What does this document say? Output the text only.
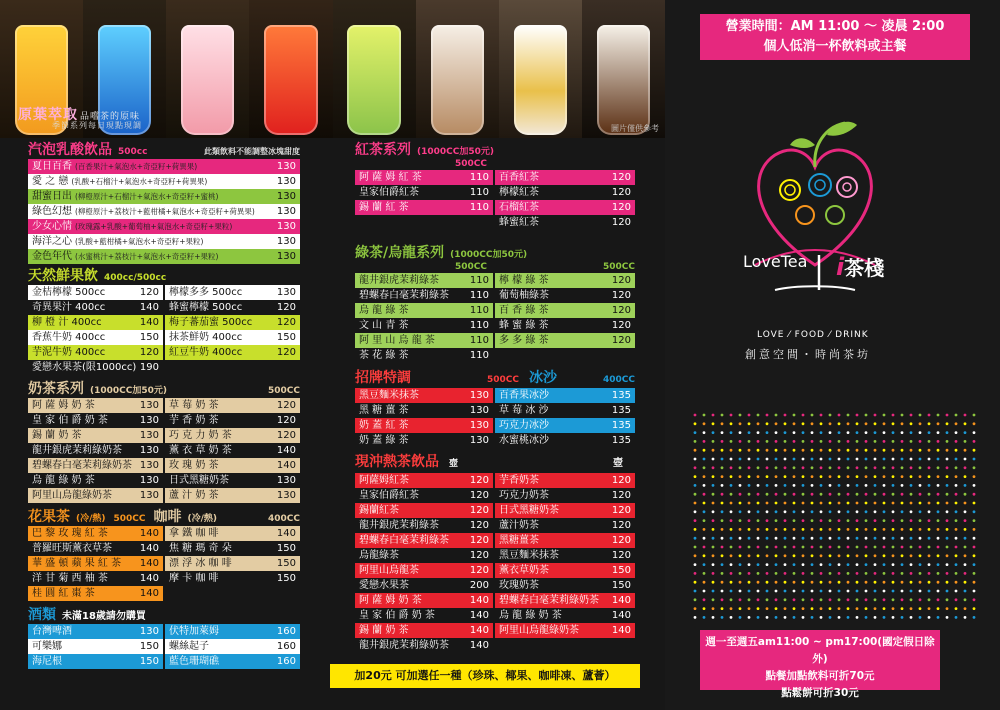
原葉萃取 品嚐茶的原味
季節系列每日現點現調	圖片僅供參考
汽泡乳酸飲品 500cc	此類飲料不能調整冰塊甜度
夏日百香 (百香果汁+氣泡水+奇亞籽+荷異果)	130
愛 之 戀 (乳酸+石榴汁+氣泡水+奇亞籽+荷異果)	130
甜蜜日出 (柳橙原汁+石榴汁+氣泡水+奇亞籽+蜜桃)	130
綠色幻想 (柳橙原汁+荔枝汁+藍柑橘+氣泡水+奇亞籽+荷異果) 130
少女心情 (玫瑰露+乳酸+葡萄柚+氣泡水+奇亞籽+果粒)	130
海洋之心 (乳酸+藍柑橘+氣泡水+奇亞籽+果粒)	130
金色年代 (水蜜桃汁+荔枝汁+氣泡水+奇亞籽+果粒)	130
天然鮮果飲 400cc/500cc
金桔檸檬 500cc	120 檸檬多多 500cc	130
奇異果汁 400cc	140 蜂蜜檸檬 500cc	120
柳 橙 汁 400cc	140 梅子蕃茄蜜 500cc 120
香蕉牛奶 400cc	150 抹茶鮮奶 400cc	150
芋泥牛奶 400cc	120 紅豆牛奶 400cc	120
愛戀水果茶(限1000cc) 190
奶茶系列 (1000CC加50元)	500CC
阿 薩 姆 奶 茶	130 草 莓 奶 茶	120
皇 家 伯 爵 奶 茶	130 芋 香 奶 茶	120
錫 蘭 奶 茶	130 巧 克 力 奶 茶	120
龍井銀虎茉莉綠奶茶 130 薰 衣 草 奶 茶	140
碧螺春白毫茉莉綠奶茶 130 玫 瑰 奶 茶	140
烏 龍 綠 奶 茶	130 日式黑糖奶茶	130
阿里山烏龍綠奶茶	130 蘆 汁 奶 茶	130
花果茶 (冷/熱) 500CC 咖啡 (冷/熱)	400CC
巴 黎 玫 瑰 紅 茶	140 拿 鐵 咖 啡	140
普羅旺斯薰衣草茶	140 焦 糖 瑪 奇 朵	150
華 盛 頓 蘋 果 紅 茶 140 漂 浮 冰 咖 啡	150
洋 甘 菊 西 柚 茶	140 摩 卡 咖 啡	150
桂 圓 紅 棗 茶	140
酒類 未滿18歲請勿購買
台灣啤酒	130 伏特加萊姆	160
可樂娜	150 螺絲起子	160
海尼根	150 藍色珊瑚礁	160
紅茶系列 (1000CC加50元)
500CC
阿 薩 姆 紅 茶	110 百香紅茶	120
皇家伯爵紅茶	110 檸檬紅茶	120
錫 蘭 紅 茶	110 石榴紅茶	120
蜂蜜紅茶	120
綠茶/烏龍系列 (1000CC加50元)
500CC	500CC
龍井銀虎茉莉綠茶	110 檸 檬 綠 茶	120
碧螺春白毫茉莉綠茶 110 葡萄柚綠茶	120
烏 龍 綠 茶	110 百 香 綠 茶	120
文 山 青 茶	110 蜂 蜜 綠 茶	120
阿 里 山 烏 龍 茶	110 多 多 綠 茶	120
茶 花 綠 茶	110
招牌特調	500CC 冰沙	400CC
黑豆麵米抹茶	130 百香果冰沙	135
黑 糖 薑 茶	130 草 莓 冰 沙	135
奶 蓋 紅 茶	130 巧克力冰沙	135
奶 蓋 綠 茶	130 水蜜桃冰沙	135
現沖熱茶飲品 壺	壺
阿薩姆紅茶	120 芋香奶茶	120
皇家伯爵紅茶	120 巧克力奶茶	120
錫蘭紅茶	120 日式黑糖奶茶	120
龍井銀虎茉莉綠茶	120 蘆汁奶茶	120
碧螺春白毫茉莉綠茶 120 黑糖薑茶	120
烏龍綠茶	120 黑豆麵米抹茶	120
阿里山烏龍茶	120 薰衣草奶茶	150
愛戀水果茶	200 玫瑰奶茶	150
阿 薩 姆 奶 茶	140 碧螺春白毫茉莉綠奶茶 140
皇 家 伯 爵 奶 茶	140 烏 龍 綠 奶 茶	140
錫 蘭 奶 茶	140 阿里山烏龍綠奶茶	140
龍井銀虎茉莉綠奶茶 140
加20元 可加選任一種（珍珠、椰果、咖啡凍、蘆薈）
營業時間：AM 11:00 ～ 凌晨 2:00
個人低消一杯飲料或主餐
LoveTea i茶棧
LOVE ⁄ FOOD ⁄ DRINK
創意空間・時尚茶坊
週一至週五am11:00 ~ pm17:00(國定假日除外)
點餐加點飲料可折70元
點鬆餅可折30元
